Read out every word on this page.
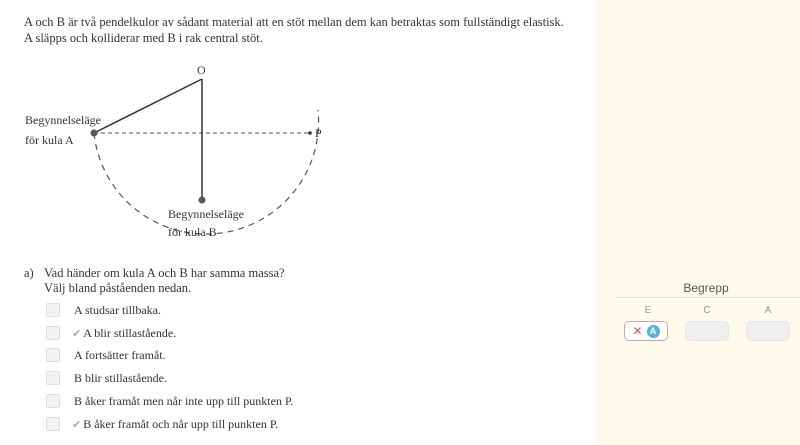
A och B är två pendelkulor av sådant material att en stöt mellan dem kan betraktas som fullständigt elastisk. A släpps och kolliderar med B i rak central stöt.
O
P
Begynnelseläge
för kula A
Begynnelseläge
för kula B
a) Vad händer om kula A och B har samma massa?
Välj bland påståenden nedan.
A studsar tillbaka.
✔ A blir stillastående.
A fortsätter framåt.
B blir stillastående.
B åker framåt men når inte upp till punkten P.
✔ B åker framåt och når upp till punkten P.
Begrepp
E	C	A
✕ A
